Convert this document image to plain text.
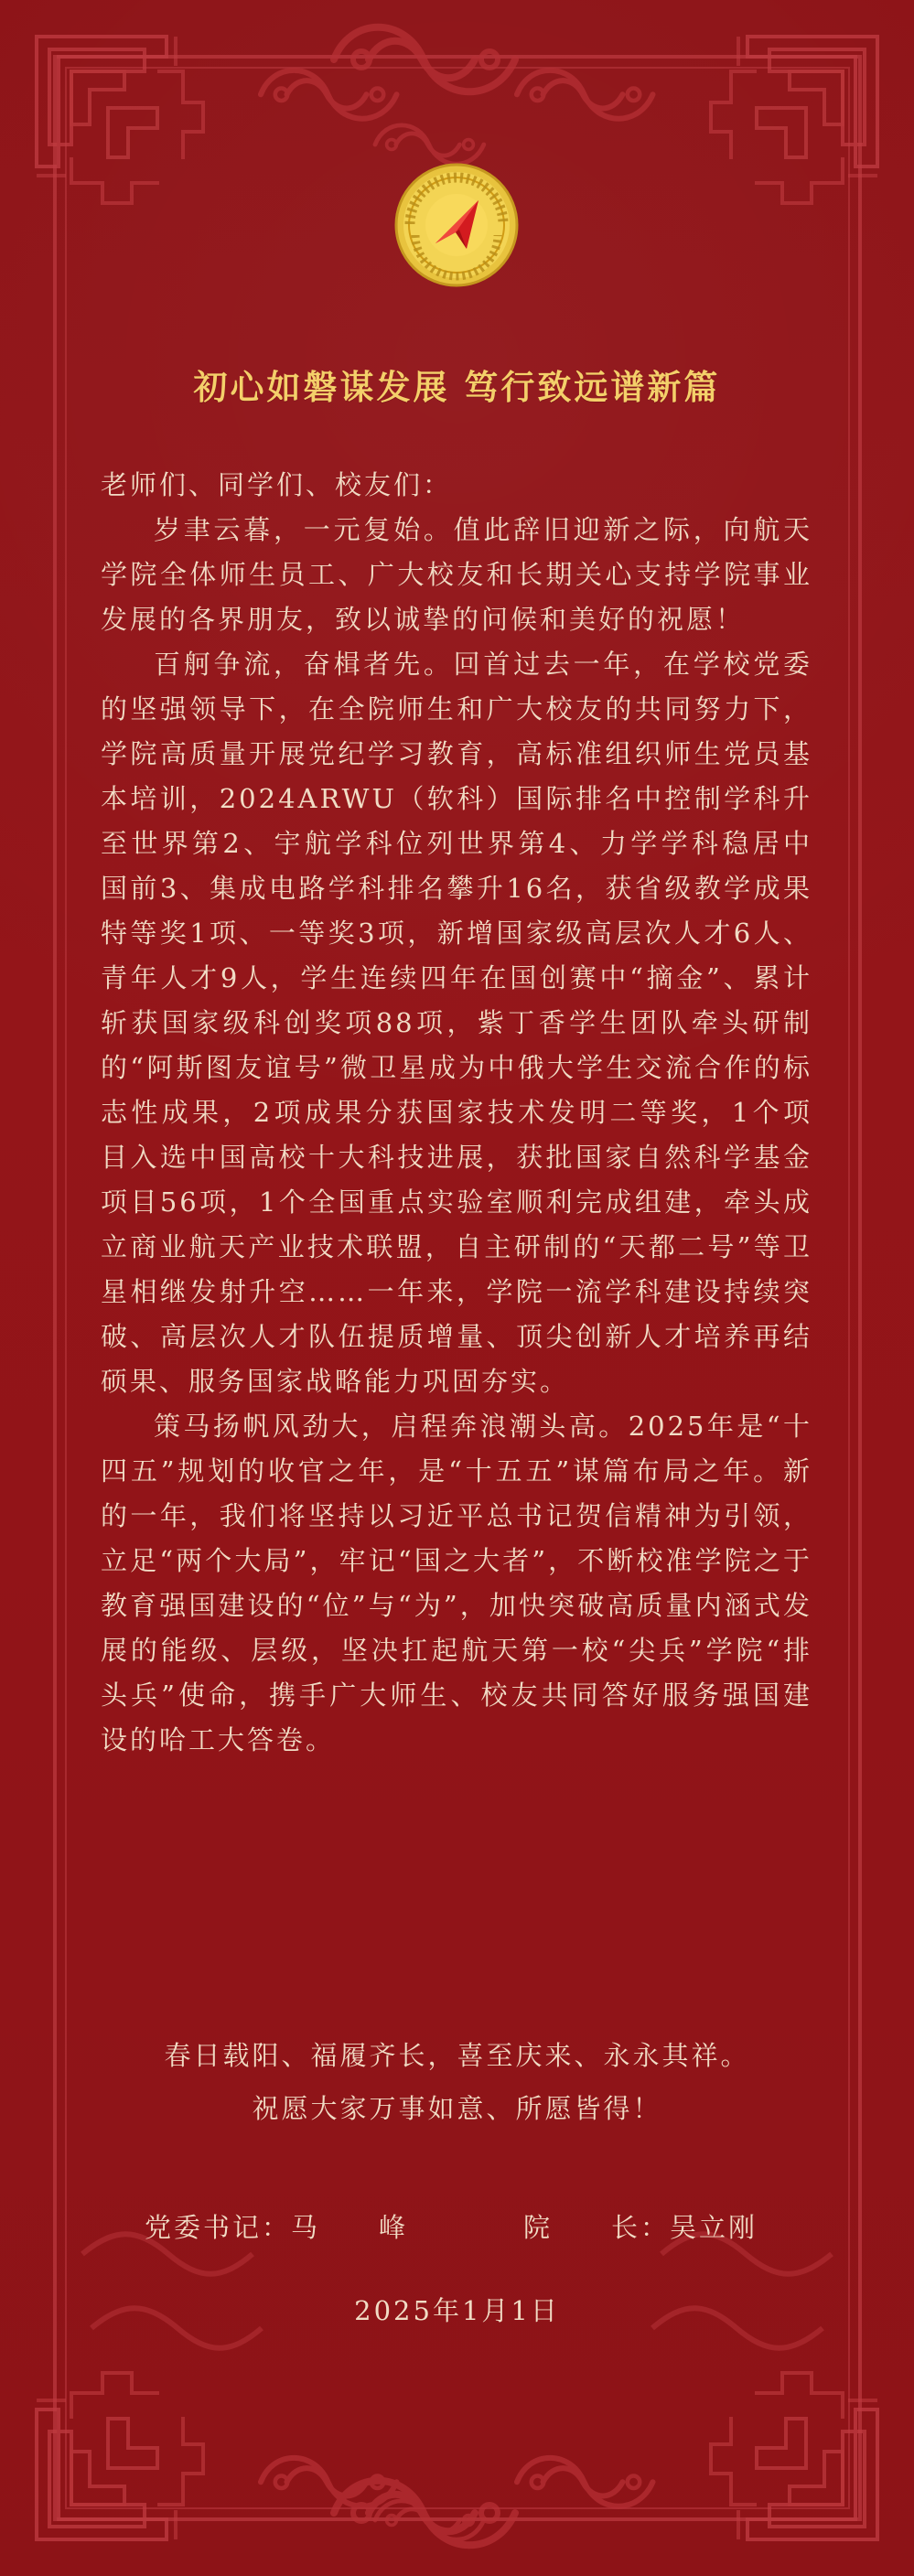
初心如磐谋发展 笃行致远谱新篇

老师们、同学们、校友们：

岁聿云暮，一元复始。值此辞旧迎新之际，向航天学院全体师生员工、广大校友和长期关心支持学院事业发展的各界朋友，致以诚挚的问候和美好的祝愿！

百舸争流，奋楫者先。回首过去一年，在学校党委的坚强领导下，在全院师生和广大校友的共同努力下，学院高质量开展党纪学习教育，高标准组织师生党员基本培训，2024ARWU（软科）国际排名中控制学科升至世界第2、宇航学科位列世界第4、力学学科稳居中国前3、集成电路学科排名攀升16名，获省级教学成果特等奖1项、一等奖3项，新增国家级高层次人才6人、青年人才9人，学生连续四年在国创赛中“摘金”、累计斩获国家级科创奖项88项，紫丁香学生团队牵头研制的“阿斯图友谊号”微卫星成为中俄大学生交流合作的标志性成果，2项成果分获国家技术发明二等奖，1个项目入选中国高校十大科技进展，获批国家自然科学基金项目56项，1个全国重点实验室顺利完成组建，牵头成立商业航天产业技术联盟，自主研制的“天都二号”等卫星相继发射升空……一年来，学院一流学科建设持续突破、高层次人才队伍提质增量、顶尖创新人才培养再结硕果、服务国家战略能力巩固夯实。

策马扬帆风劲大，启程奔浪潮头高。2025年是“十四五”规划的收官之年，是“十五五”谋篇布局之年。新的一年，我们将坚持以习近平总书记贺信精神为引领，立足“两个大局”，牢记“国之大者”，不断校准学院之于教育强国建设的“位”与“为”，加快突破高质量内涵式发展的能级、层级，坚决扛起航天第一校“尖兵”学院“排头兵”使命，携手广大师生、校友共同答好服务强国建设的哈工大答卷。

春日载阳、福履齐长，喜至庆来、永永其祥。

祝愿大家万事如意、所愿皆得！

党委书记：马　　峰	院　　长：吴立刚
2025年1月1日
